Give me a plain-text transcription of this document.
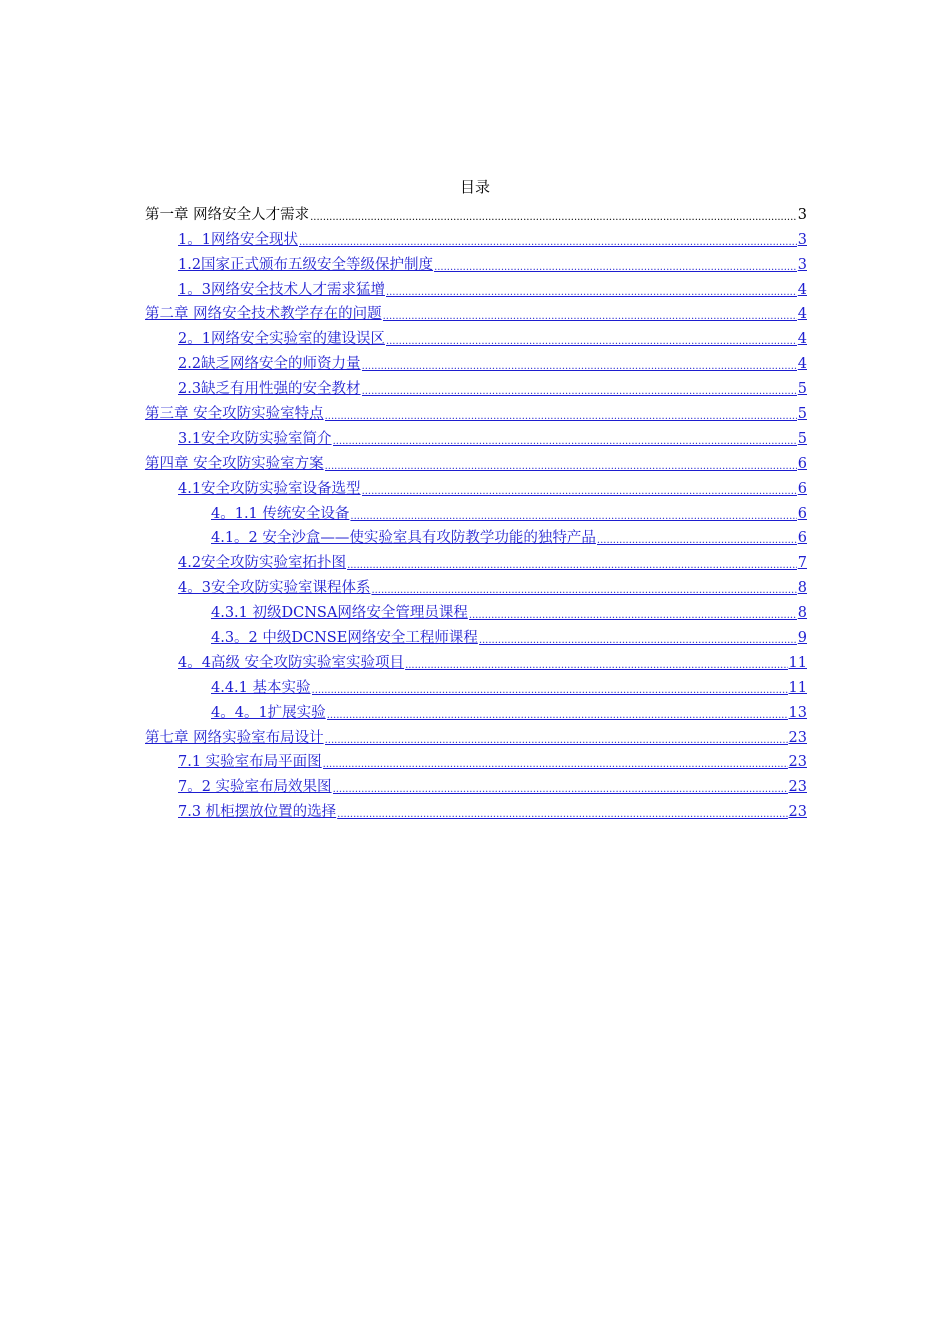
目录
第一章 网络安全人才需求 .....	3
1。1网络安全现状 .....	3
1.2国家正式颁布五级安全等级保护制度 .....	3
1。3网络安全技术人才需求猛增 .....	4
第二章 网络安全技术教学存在的问题 .....	4
2。1网络安全实验室的建设误区 .....	4
2.2缺乏网络安全的师资力量 .....	4
2.3缺乏有用性强的安全教材 .....	5
第三章 安全攻防实验室特点 .....	5
3.1安全攻防实验室简介 .....	5
第四章 安全攻防实验室方案 .....	6
4.1安全攻防实验室设备选型 .....	6
4。1.1 传统安全设备 .....	6
4.1。2 安全沙盒——使实验室具有攻防教学功能的独特产品 .....	6
4.2安全攻防实验室拓扑图 .....	7
4。3安全攻防实验室课程体系 .....	8
4.3.1 初级DCNSA网络安全管理员课程 .....	8
4.3。2 中级DCNSE网络安全工程师课程 .....	9
4。4高级 安全攻防实验室实验项目 .....	11
4.4.1 基本实验 .....	11
4。4。1扩展实验 .....	13
第七章 网络实验室布局设计 .....	23
7.1 实验室布局平面图 .....	23
7。2 实验室布局效果图 .....	23
7.3 机柜摆放位置的选择 .....	23
